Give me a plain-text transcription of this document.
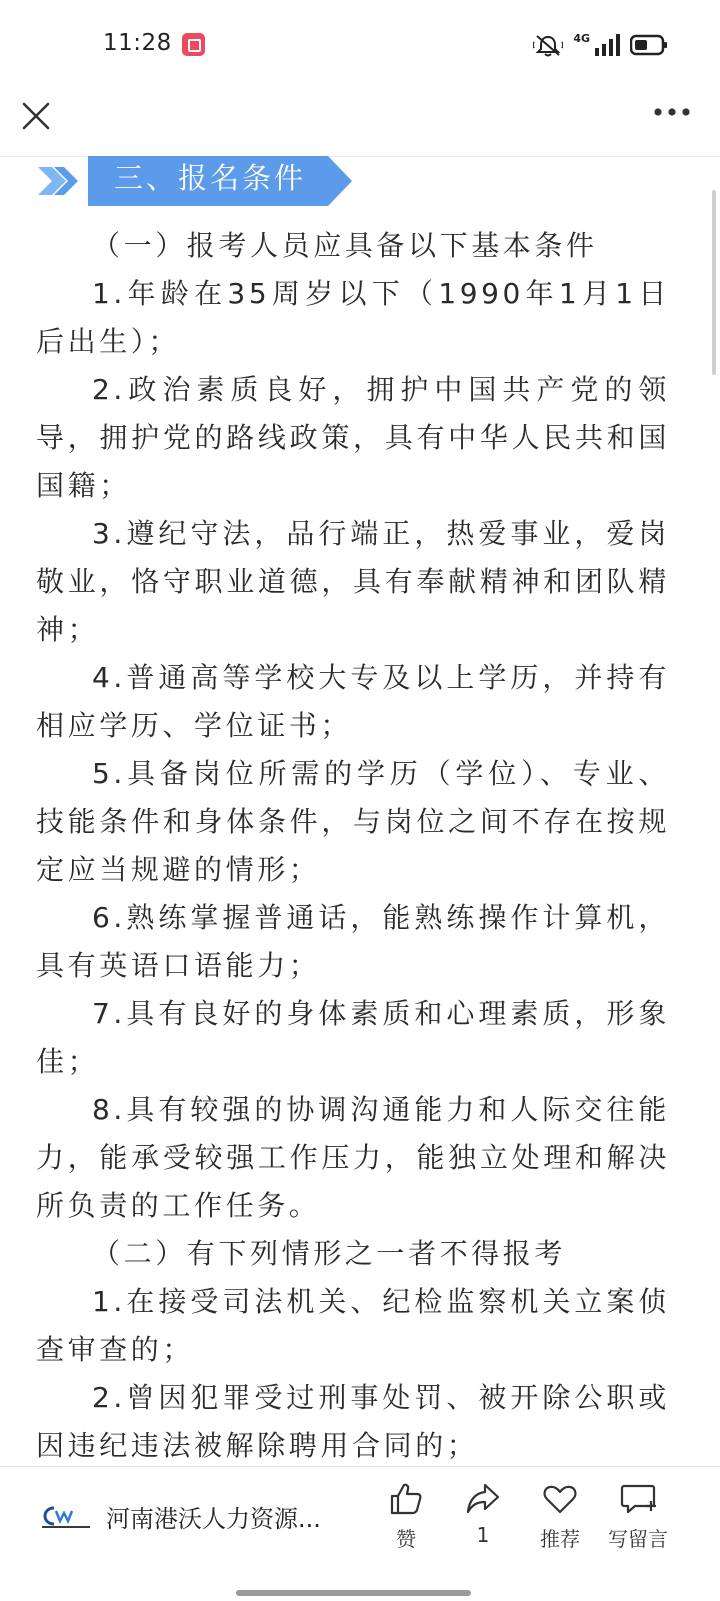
11:28	4G
三、报名条件

（一）报考人员应具备以下基本条件

1.年龄在35周岁以下（1990年1月1日后出生）；

2.政治素质良好，拥护中国共产党的领导，拥护党的路线政策，具有中华人民共和国国籍；

3.遵纪守法，品行端正，热爱事业，爱岗敬业，恪守职业道德，具有奉献精神和团队精神；

4.普通高等学校大专及以上学历，并持有相应学历、学位证书；

5.具备岗位所需的学历（学位）、专业、技能条件和身体条件，与岗位之间不存在按规定应当规避的情形；

6.熟练掌握普通话，能熟练操作计算机，具有英语口语能力；

7.具有良好的身体素质和心理素质，形象佳；

8.具有较强的协调沟通能力和人际交往能力，能承受较强工作压力，能独立处理和解决所负责的工作任务。

（二）有下列情形之一者不得报考

1.在接受司法机关、纪检监察机关立案侦查审查的；

2.曾因犯罪受过刑事处罚、被开除公职或因违纪违法被解除聘用合同的；

河南港沃人力资源...
赞	1	推荐	写留言
